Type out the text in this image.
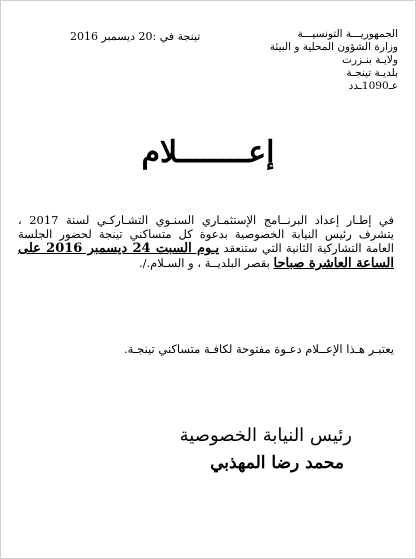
الجمهوريـــة التونسيـــة
وزارة الشؤون المحلية و البيئة
ولايـة بنـزرت
بلديـة تينجـة
عـ1090ـدد
تينجة في :20 ديسمبر 2016
إعــــــــلام
في إطـار إعداد البرنــامج الإستثمـاري السنـوي التشـاركـي لسنة 2017 ، يتشرف رئيس النيابة الخصوصية بدعوة كل متساكني تينجة لحضور الجلسة العامة التشاركية الثانية التي ستنعقد يـوم السبت 24 ديسمبر 2016 على الساعة العاشرة صباحا بقصر البلديــة ، و السـلام./.
يعتبـر هـذا الإعــلام دعـوة مفتوحة لكافـة متساكني تينجـة.
رئيس النيابة الخصوصية
محمد رضا المهذبي
